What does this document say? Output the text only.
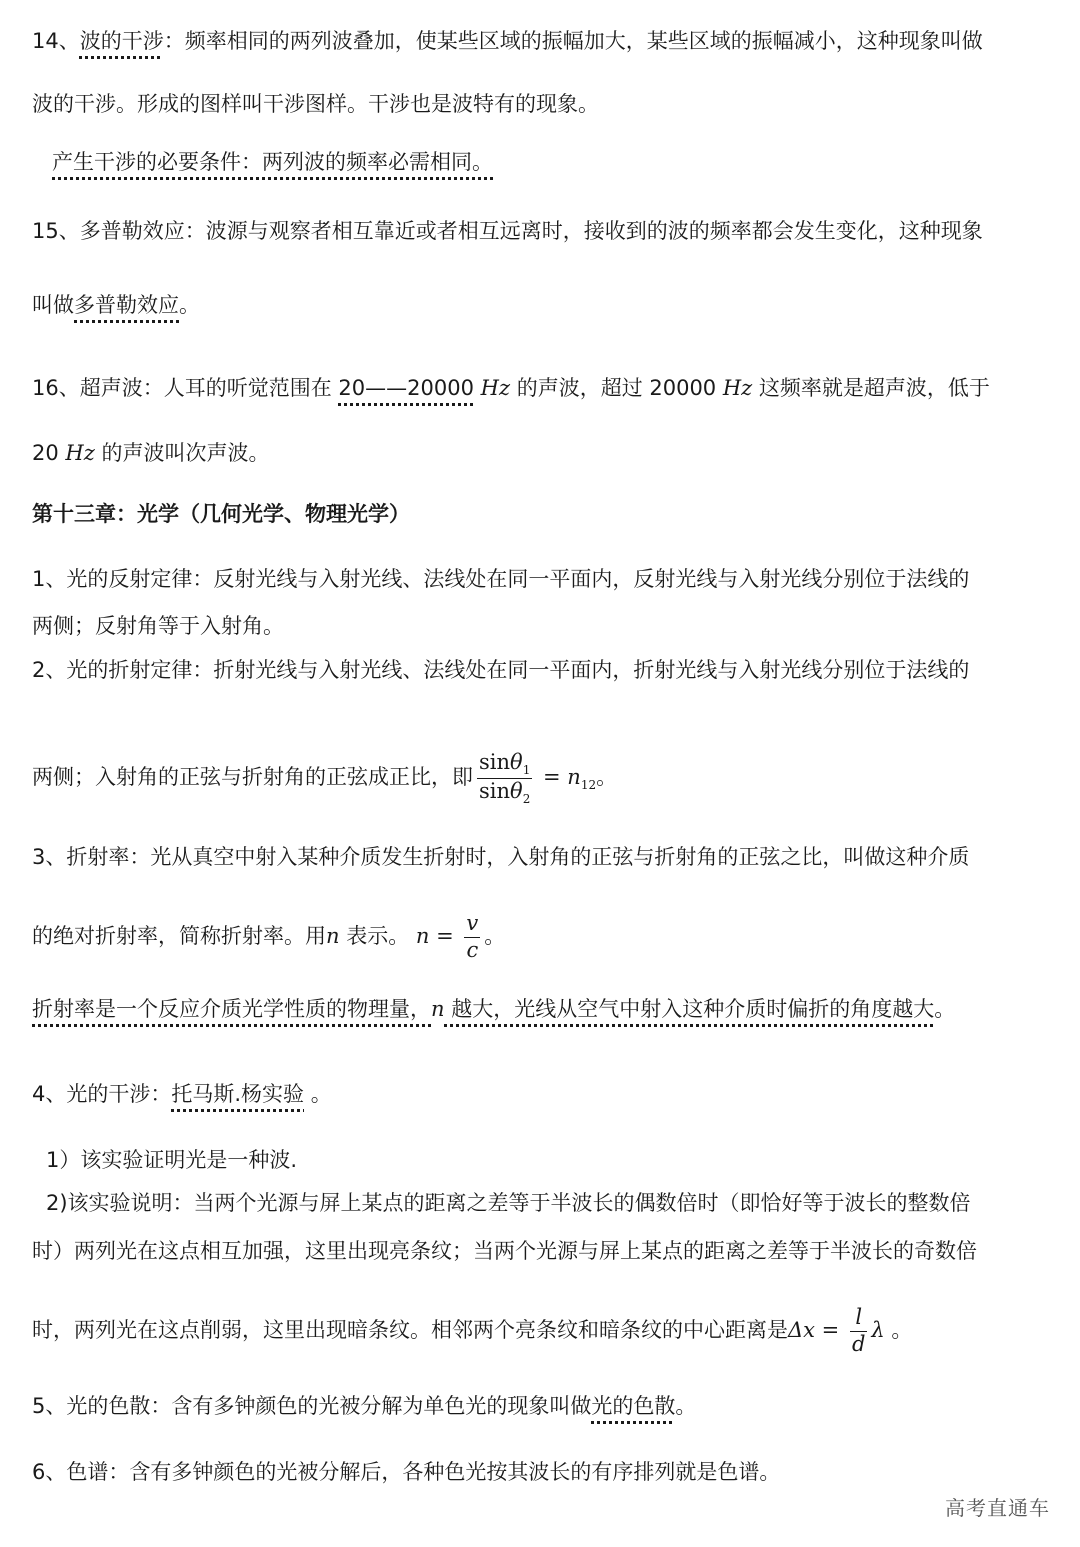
14、波的干涉：频率相同的两列波叠加，使某些区域的振幅加大，某些区域的振幅减小，这种现象叫做
波的干涉。形成的图样叫干涉图样。干涉也是波特有的现象。
产生干涉的必要条件：两列波的频率必需相同。
15、多普勒效应：波源与观察者相互靠近或者相互远离时，接收到的波的频率都会发生变化，这种现象
叫做多普勒效应。
16、超声波：人耳的听觉范围在 20——20000 Hz 的声波，超过 20000 Hz 这频率就是超声波，低于
20 Hz 的声波叫次声波。
第十三章：光学（几何光学、物理光学）
1、光的反射定律：反射光线与入射光线、法线处在同一平面内，反射光线与入射光线分别位于法线的
两侧；反射角等于入射角。
2、光的折射定律：折射光线与入射光线、法线处在同一平面内，折射光线与入射光线分别位于法线的
两侧；入射角的正弦与折射角的正弦成正比，即 $\frac{\sin\theta_1}{\sin\theta_2} = n_{12}$。
3、折射率：光从真空中射入某种介质发生折射时，入射角的正弦与折射角的正弦之比，叫做这种介质
的绝对折射率，简称折射率。用n 表示。 $n = \frac{v}{c}$ 。
折射率是一个反应介质光学性质的物理量，n 越大，光线从空气中射入这种介质时偏折的角度越大。
4、光的干涉：托马斯.杨实验 。
1）该实验证明光是一种波.
2)该实验说明：当两个光源与屏上某点的距离之差等于半波长的偶数倍时（即恰好等于波长的整数倍
时）两列光在这点相互加强，这里出现亮条纹；当两个光源与屏上某点的距离之差等于半波长的奇数倍
时，两列光在这点削弱，这里出现暗条纹。相邻两个亮条纹和暗条纹的中心距离是$\Delta x = \frac{l}{d}$ λ 。
5、光的色散：含有多钟颜色的光被分解为单色光的现象叫做光的色散。
6、色谱：含有多钟颜色的光被分解后，各种色光按其波长的有序排列就是色谱。
高考直通车
